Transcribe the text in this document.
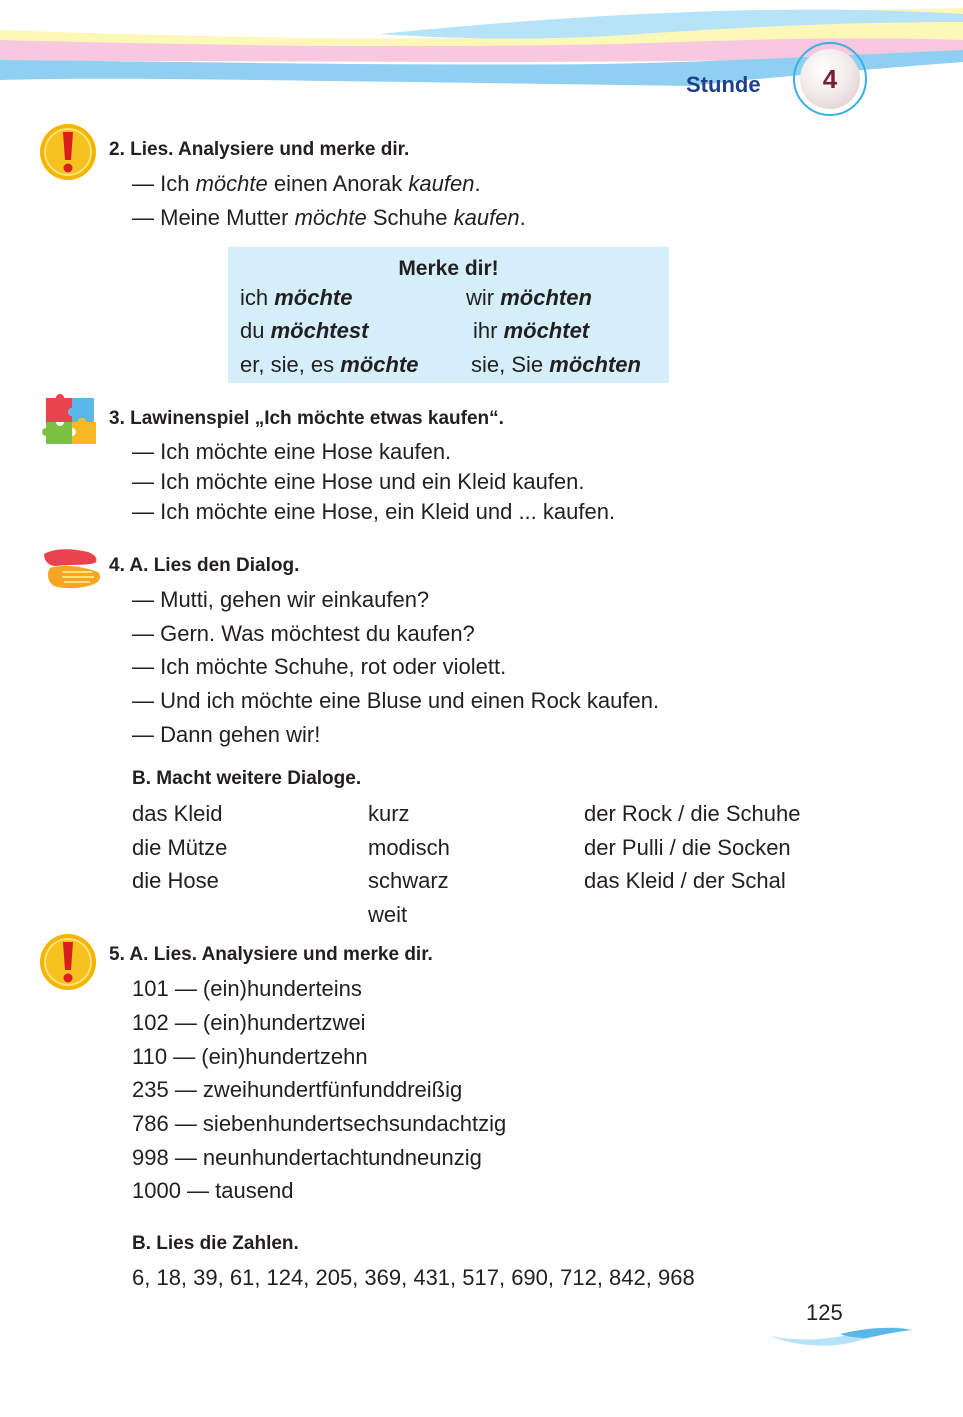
Stunde 4
2. Lies. Analysiere und merke dir.
— Ich möchte einen Anorak kaufen.
— Meine Mutter möchte Schuhe kaufen.
Merke dir!
ich möchte	wir möchten
du möchtest	ihr möchtet
er, sie, es möchte sie, Sie möchten
3. Lawinenspiel „Ich möchte etwas kaufen“.
— Ich möchte eine Hose kaufen.
— Ich möchte eine Hose und ein Kleid kaufen.
— Ich möchte eine Hose, ein Kleid und ... kaufen.
4. A. Lies den Dialog.
— Mutti, gehen wir einkaufen?
— Gern. Was möchtest du kaufen?
— Ich möchte Schuhe, rot oder violett.
— Und ich möchte eine Bluse und einen Rock kaufen.
— Dann gehen wir!
B. Macht weitere Dialoge.
das Kleid
die Mütze
die Hose
kurz
modisch
schwarz
weit
der Rock / die Schuhe
der Pulli / die Socken
das Kleid / der Schal
5. A. Lies. Analysiere und merke dir.
101 — (ein)hunderteins
102 — (ein)hundertzwei
110 — (ein)hundertzehn
235 — zweihundertfünfunddreißig
786 — siebenhundertsechsundachtzig
998 — neunhundertachtundneunzig
1000 — tausend
B. Lies die Zahlen.
6, 18, 39, 61, 124, 205, 369, 431, 517, 690, 712, 842, 968
125
